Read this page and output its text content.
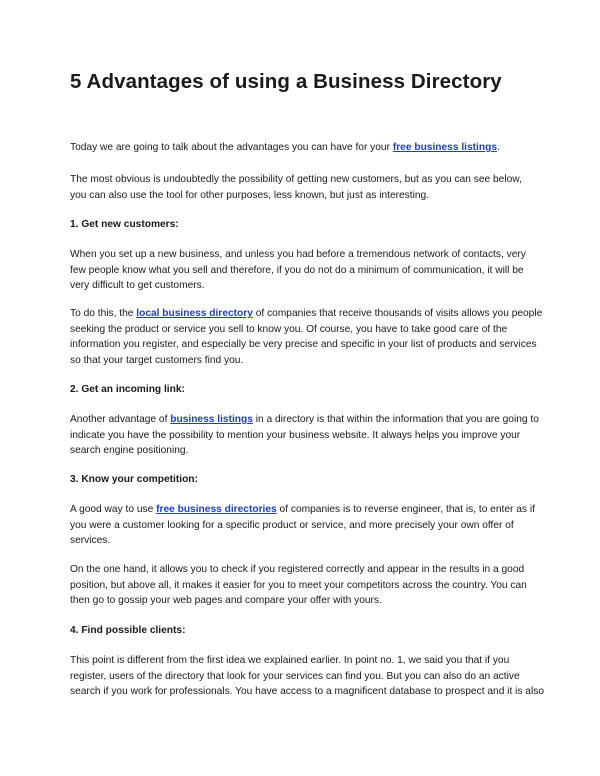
5 Advantages of using a Business Directory

Today we are going to talk about the advantages you can have for your free business listings.

The most obvious is undoubtedly the possibility of getting new customers, but as you can see below,
you can also use the tool for other purposes, less known, but just as interesting.

1. Get new customers:

When you set up a new business, and unless you had before a tremendous network of contacts, very
few people know what you sell and therefore, if you do not do a minimum of communication, it will be
very difficult to get customers.

To do this, the local business directory of companies that receive thousands of visits allows you people
seeking the product or service you sell to know you. Of course, you have to take good care of the
information you register, and especially be very precise and specific in your list of products and services
so that your target customers find you.

2. Get an incoming link:

Another advantage of business listings in a directory is that within the information that you are going to
indicate you have the possibility to mention your business website. It always helps you improve your
search engine positioning.

3. Know your competition:

A good way to use free business directories of companies is to reverse engineer, that is, to enter as if
you were a customer looking for a specific product or service, and more precisely your own offer of
services.

On the one hand, it allows you to check if you registered correctly and appear in the results in a good
position, but above all, it makes it easier for you to meet your competitors across the country. You can
then go to gossip your web pages and compare your offer with yours.

4. Find possible clients:

This point is different from the first idea we explained earlier. In point no. 1, we said you that if you
register, users of the directory that look for your services can find you. But you can also do an active
search if you work for professionals. You have access to a magnificent database to prospect and it is also
